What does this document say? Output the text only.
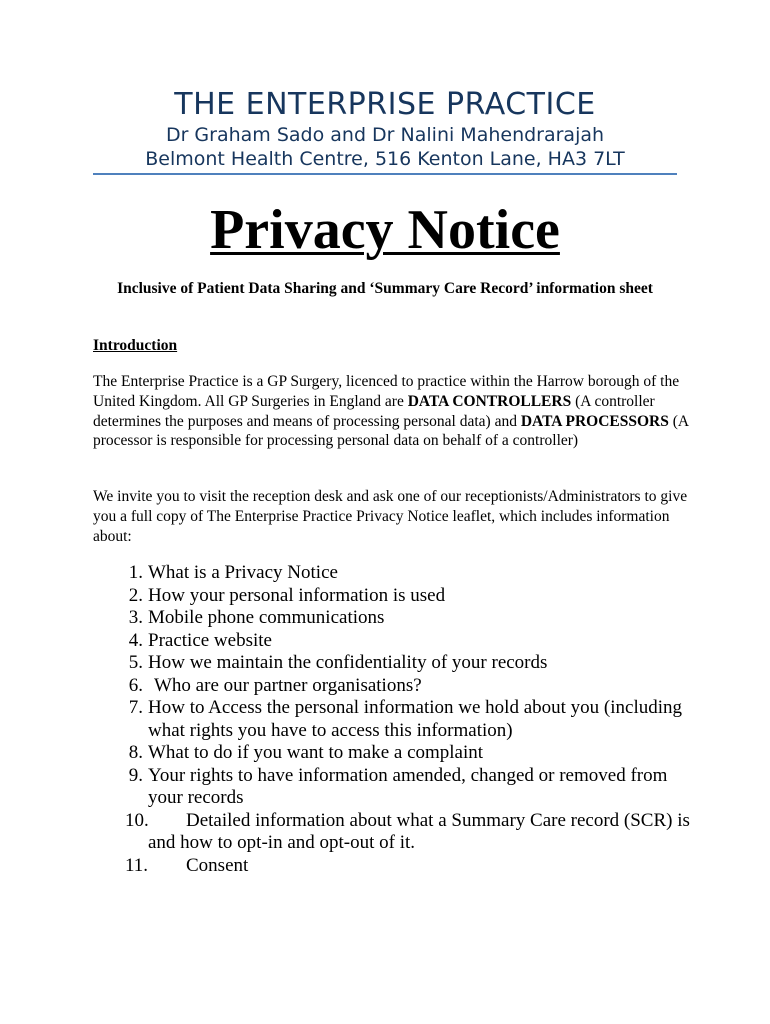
THE ENTERPRISE PRACTICE
Dr Graham Sado and Dr Nalini Mahendrarajah
Belmont Health Centre, 516 Kenton Lane, HA3 7LT
Privacy Notice
Inclusive of Patient Data Sharing and ‘Summary Care Record’ information sheet
Introduction
The Enterprise Practice is a GP Surgery, licenced to practice within the Harrow borough of the United Kingdom. All GP Surgeries in England are DATA CONTROLLERS (A controller determines the purposes and means of processing personal data) and DATA PROCESSORS (A processor is responsible for processing personal data on behalf of a controller)
We invite you to visit the reception desk and ask one of our receptionists/Administrators to give you a full copy of The Enterprise Practice Privacy Notice leaflet, which includes information about:
1. What is a Privacy Notice
2. How your personal information is used
3. Mobile phone communications
4. Practice website
5. How we maintain the confidentiality of your records
6. Who are our partner organisations?
7. How to Access the personal information we hold about you (including what rights you have to access this information)
8. What to do if you want to make a complaint
9. Your rights to have information amended, changed or removed from your records
10.	Detailed information about what a Summary Care record (SCR) is and how to opt-in and opt-out of it.
11.	Consent
